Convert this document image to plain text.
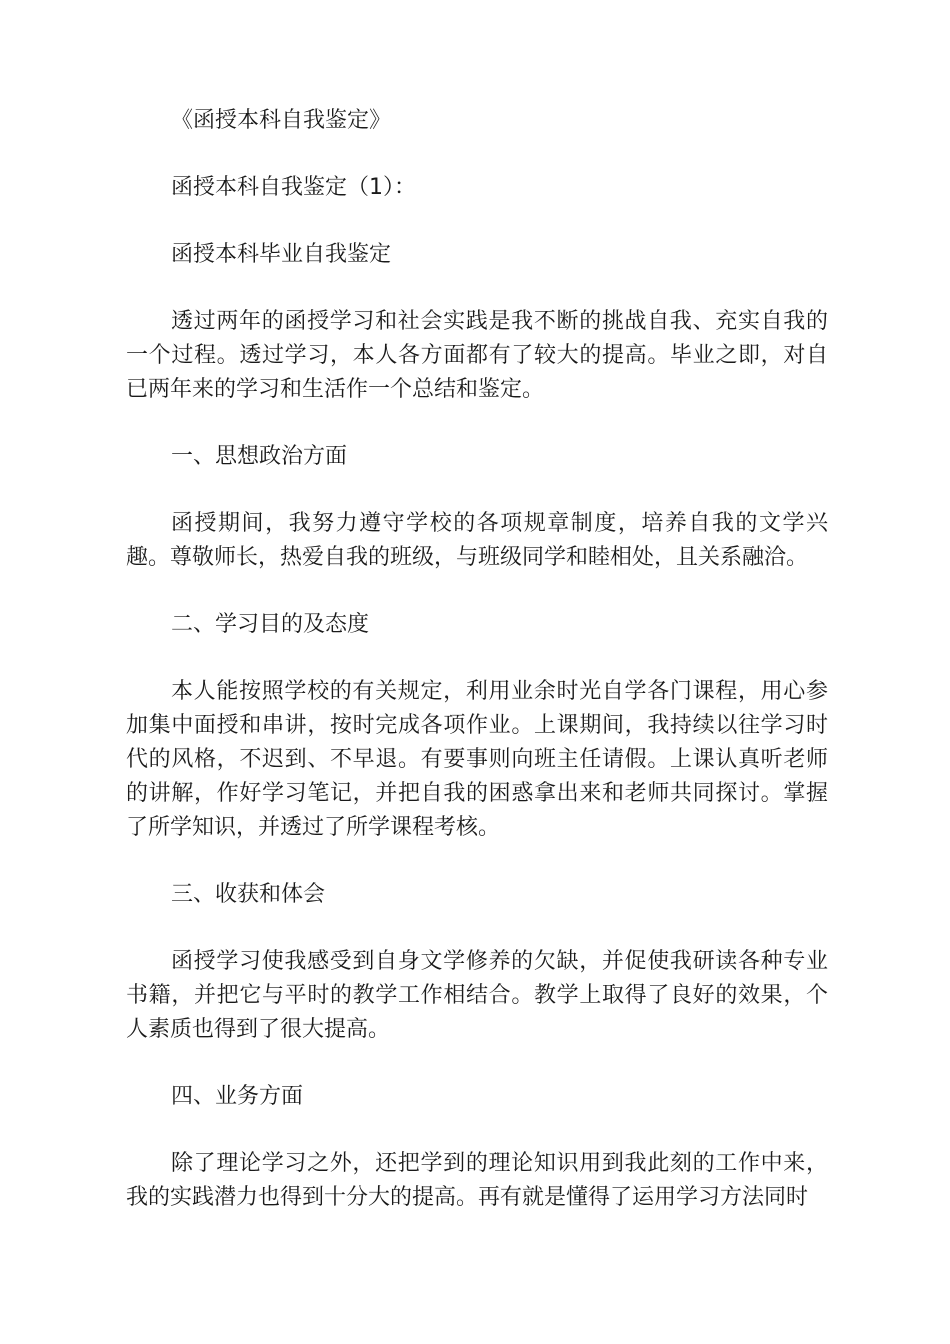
《函授本科自我鉴定》

函授本科自我鉴定（1）：

函授本科毕业自我鉴定

透过两年的函授学习和社会实践是我不断的挑战自我、充实自我的一个过程。透过学习，本人各方面都有了较大的提高。毕业之即，对自已两年来的学习和生活作一个总结和鉴定。

一、思想政治方面

函授期间，我努力遵守学校的各项规章制度，培养自我的文学兴趣。尊敬师长，热爱自我的班级，与班级同学和睦相处，且关系融洽。

二、学习目的及态度

本人能按照学校的有关规定，利用业余时光自学各门课程，用心参加集中面授和串讲，按时完成各项作业。上课期间，我持续以往学习时代的风格，不迟到、不早退。有要事则向班主任请假。上课认真听老师的讲解，作好学习笔记，并把自我的困惑拿出来和老师共同探讨。掌握了所学知识，并透过了所学课程考核。

三、收获和体会

函授学习使我感受到自身文学修养的欠缺，并促使我研读各种专业书籍，并把它与平时的教学工作相结合。教学上取得了良好的效果，个人素质也得到了很大提高。

四、业务方面

除了理论学习之外，还把学到的理论知识用到我此刻的工作中来，我的实践潜力也得到十分大的提高。再有就是懂得了运用学习方法同时
